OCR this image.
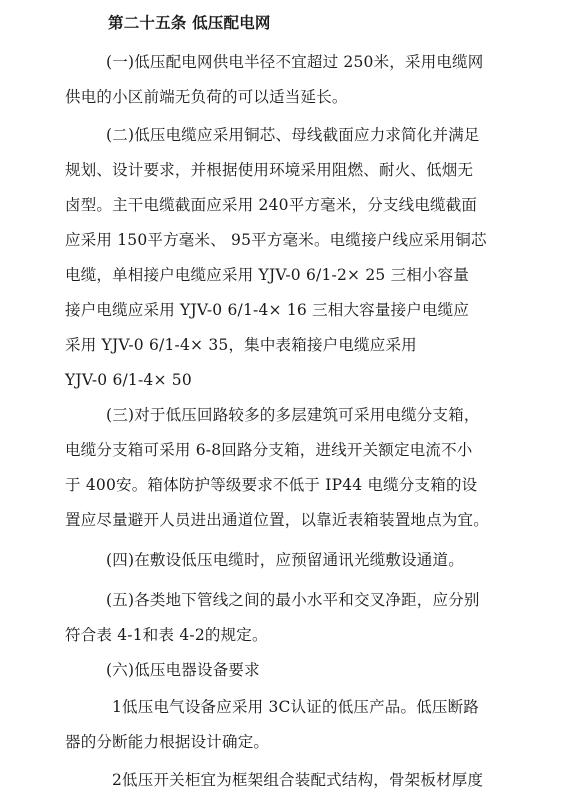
第二十五条 低压配电网
(一)低压配电网供电半径不宜超过 250米，采用电缆网
供电的小区前端无负荷的可以适当延长。
(二)低压电缆应采用铜芯、母线截面应力求简化并满足
规划、设计要求，并根据使用环境采用阻燃、耐火、低烟无
卤型。主干电缆截面应采用 240平方毫米，分支线电缆截面
应采用 150平方毫米、 95平方毫米。电缆接户线应采用铜芯
电缆，单相接户电缆应采用 YJV-0 6/1-2× 25 三相小容量
接户电缆应采用 YJV-0 6/1-4× 16 三相大容量接户电缆应
采用 YJV-0 6/1-4× 35，集中表箱接户电缆应采用
YJV-0 6/1-4× 50
(三)对于低压回路较多的多层建筑可采用电缆分支箱，
电缆分支箱可采用 6-8回路分支箱，进线开关额定电流不小
于 400安。箱体防护等级要求不低于 IP44 电缆分支箱的设
置应尽量避开人员进出通道位置，以靠近表箱装置地点为宜。
(四)在敷设低压电缆时，应预留通讯光缆敷设通道。
(五)各类地下管线之间的最小水平和交叉净距，应分别
符合表 4-1和表 4-2的规定。
(六)低压电器设备要求
1低压电气设备应采用 3C认证的低压产品。低压断路
器的分断能力根据设计确定。
2低压开关柜宜为框架组合装配式结构，骨架板材厚度
